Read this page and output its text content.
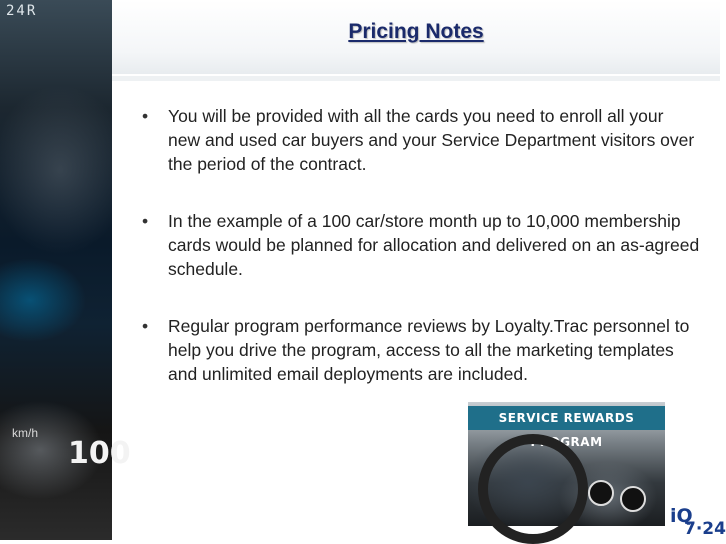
24R
km/h
100
Pricing Notes
• You will be provided with all the cards you need to enroll all your new and used car buyers and your Service Department visitors over the period of the contract.
• In the example of a 100 car/store month up to 10,000 membership cards would be planned for allocation and delivered on an as-agreed schedule.
• Regular program performance reviews by Loyalty.Trac personnel to help you drive the program, access to all the marketing templates and unlimited email deployments are included.
SERVICE REWARDS PROGRAM
iQ
7·24
